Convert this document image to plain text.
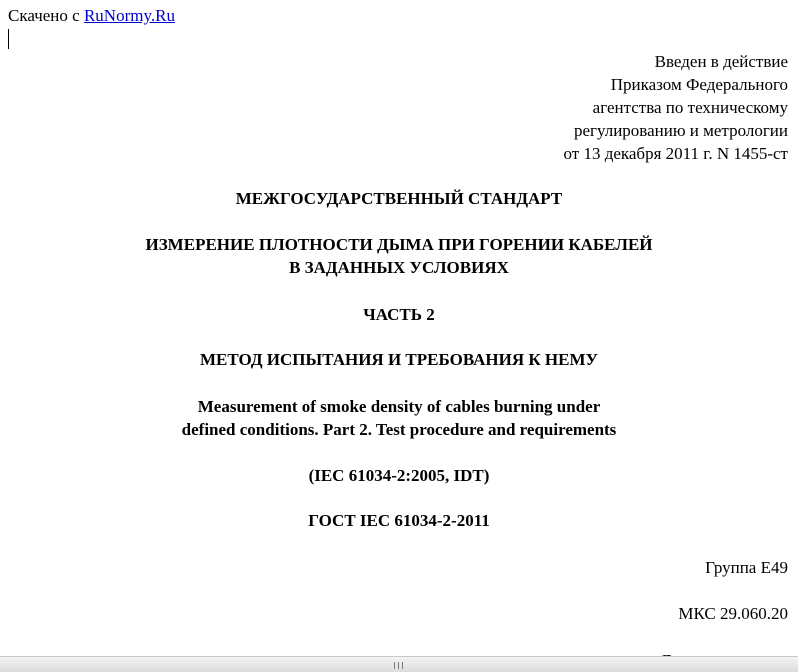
Скачено с RuNormy.Ru
Введен в действие
Приказом Федерального
агентства по техническому
регулированию и метрологии
от 13 декабря 2011 г. N 1455-ст
МЕЖГОСУДАРСТВЕННЫЙ СТАНДАРТ
ИЗМЕРЕНИЕ ПЛОТНОСТИ ДЫМА ПРИ ГОРЕНИИ КАБЕЛЕЙ
В ЗАДАННЫХ УСЛОВИЯХ
ЧАСТЬ 2
МЕТОД ИСПЫТАНИЯ И ТРЕБОВАНИЯ К НЕМУ
Measurement of smoke density of cables burning under
defined conditions. Part 2. Test procedure and requirements
(IEC 61034-2:2005, IDT)
ГОСТ IEC 61034-2-2011
Группа Е49
МКС 29.060.20
